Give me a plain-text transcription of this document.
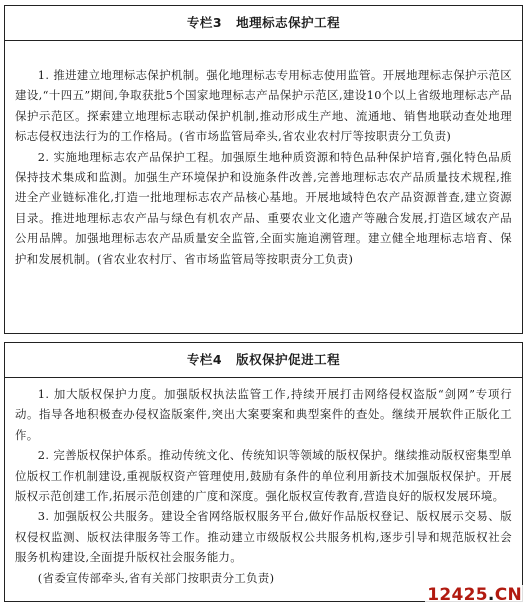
专栏3 地理标志保护工程

1. 推进建立地理标志保护机制。强化地理标志专用标志使用监管。开展地理标志保护示范区建设,“十四五”期间,争取获批5个国家地理标志产品保护示范区,建设10个以上省级地理标志产品保护示范区。探索建立地理标志联动保护机制,推动形成生产地、流通地、销售地联动查处地理标志侵权违法行为的工作格局。(省市场监管局牵头,省农业农村厅等按职责分工负责)

2. 实施地理标志农产品保护工程。加强原生地种质资源和特色品种保护培育,强化特色品质保持技术集成和监测。加强生产环境保护和设施条件改善,完善地理标志农产品质量技术规程,推进全产业链标准化,打造一批地理标志农产品核心基地。开展地域特色农产品资源普查,建立资源目录。推进地理标志农产品与绿色有机农产品、重要农业文化遗产等融合发展,打造区域农产品公用品牌。加强地理标志农产品质量安全监管,全面实施追溯管理。建立健全地理标志培育、保护和发展机制。(省农业农村厅、省市场监管局等按职责分工负责)

专栏4 版权保护促进工程

1. 加大版权保护力度。加强版权执法监管工作,持续开展打击网络侵权盗版“剑网”专项行动。指导各地积极查办侵权盗版案件,突出大案要案和典型案件的查处。继续开展软件正版化工作。

2. 完善版权保护体系。推动传统文化、传统知识等领域的版权保护。继续推动版权密集型单位版权工作机制建设,重视版权资产管理使用,鼓励有条件的单位利用新技术加强版权保护。开展版权示范创建工作,拓展示范创建的广度和深度。强化版权宣传教育,营造良好的版权发展环境。

3. 加强版权公共服务。建设全省网络版权服务平台,做好作品版权登记、版权展示交易、版权侵权监测、版权法律服务等工作。推动建立市级版权公共服务机构,逐步引导和规范版权社会服务机构建设,全面提升版权社会服务能力。

(省委宣传部牵头,省有关部门按职责分工负责)

12425.CN
